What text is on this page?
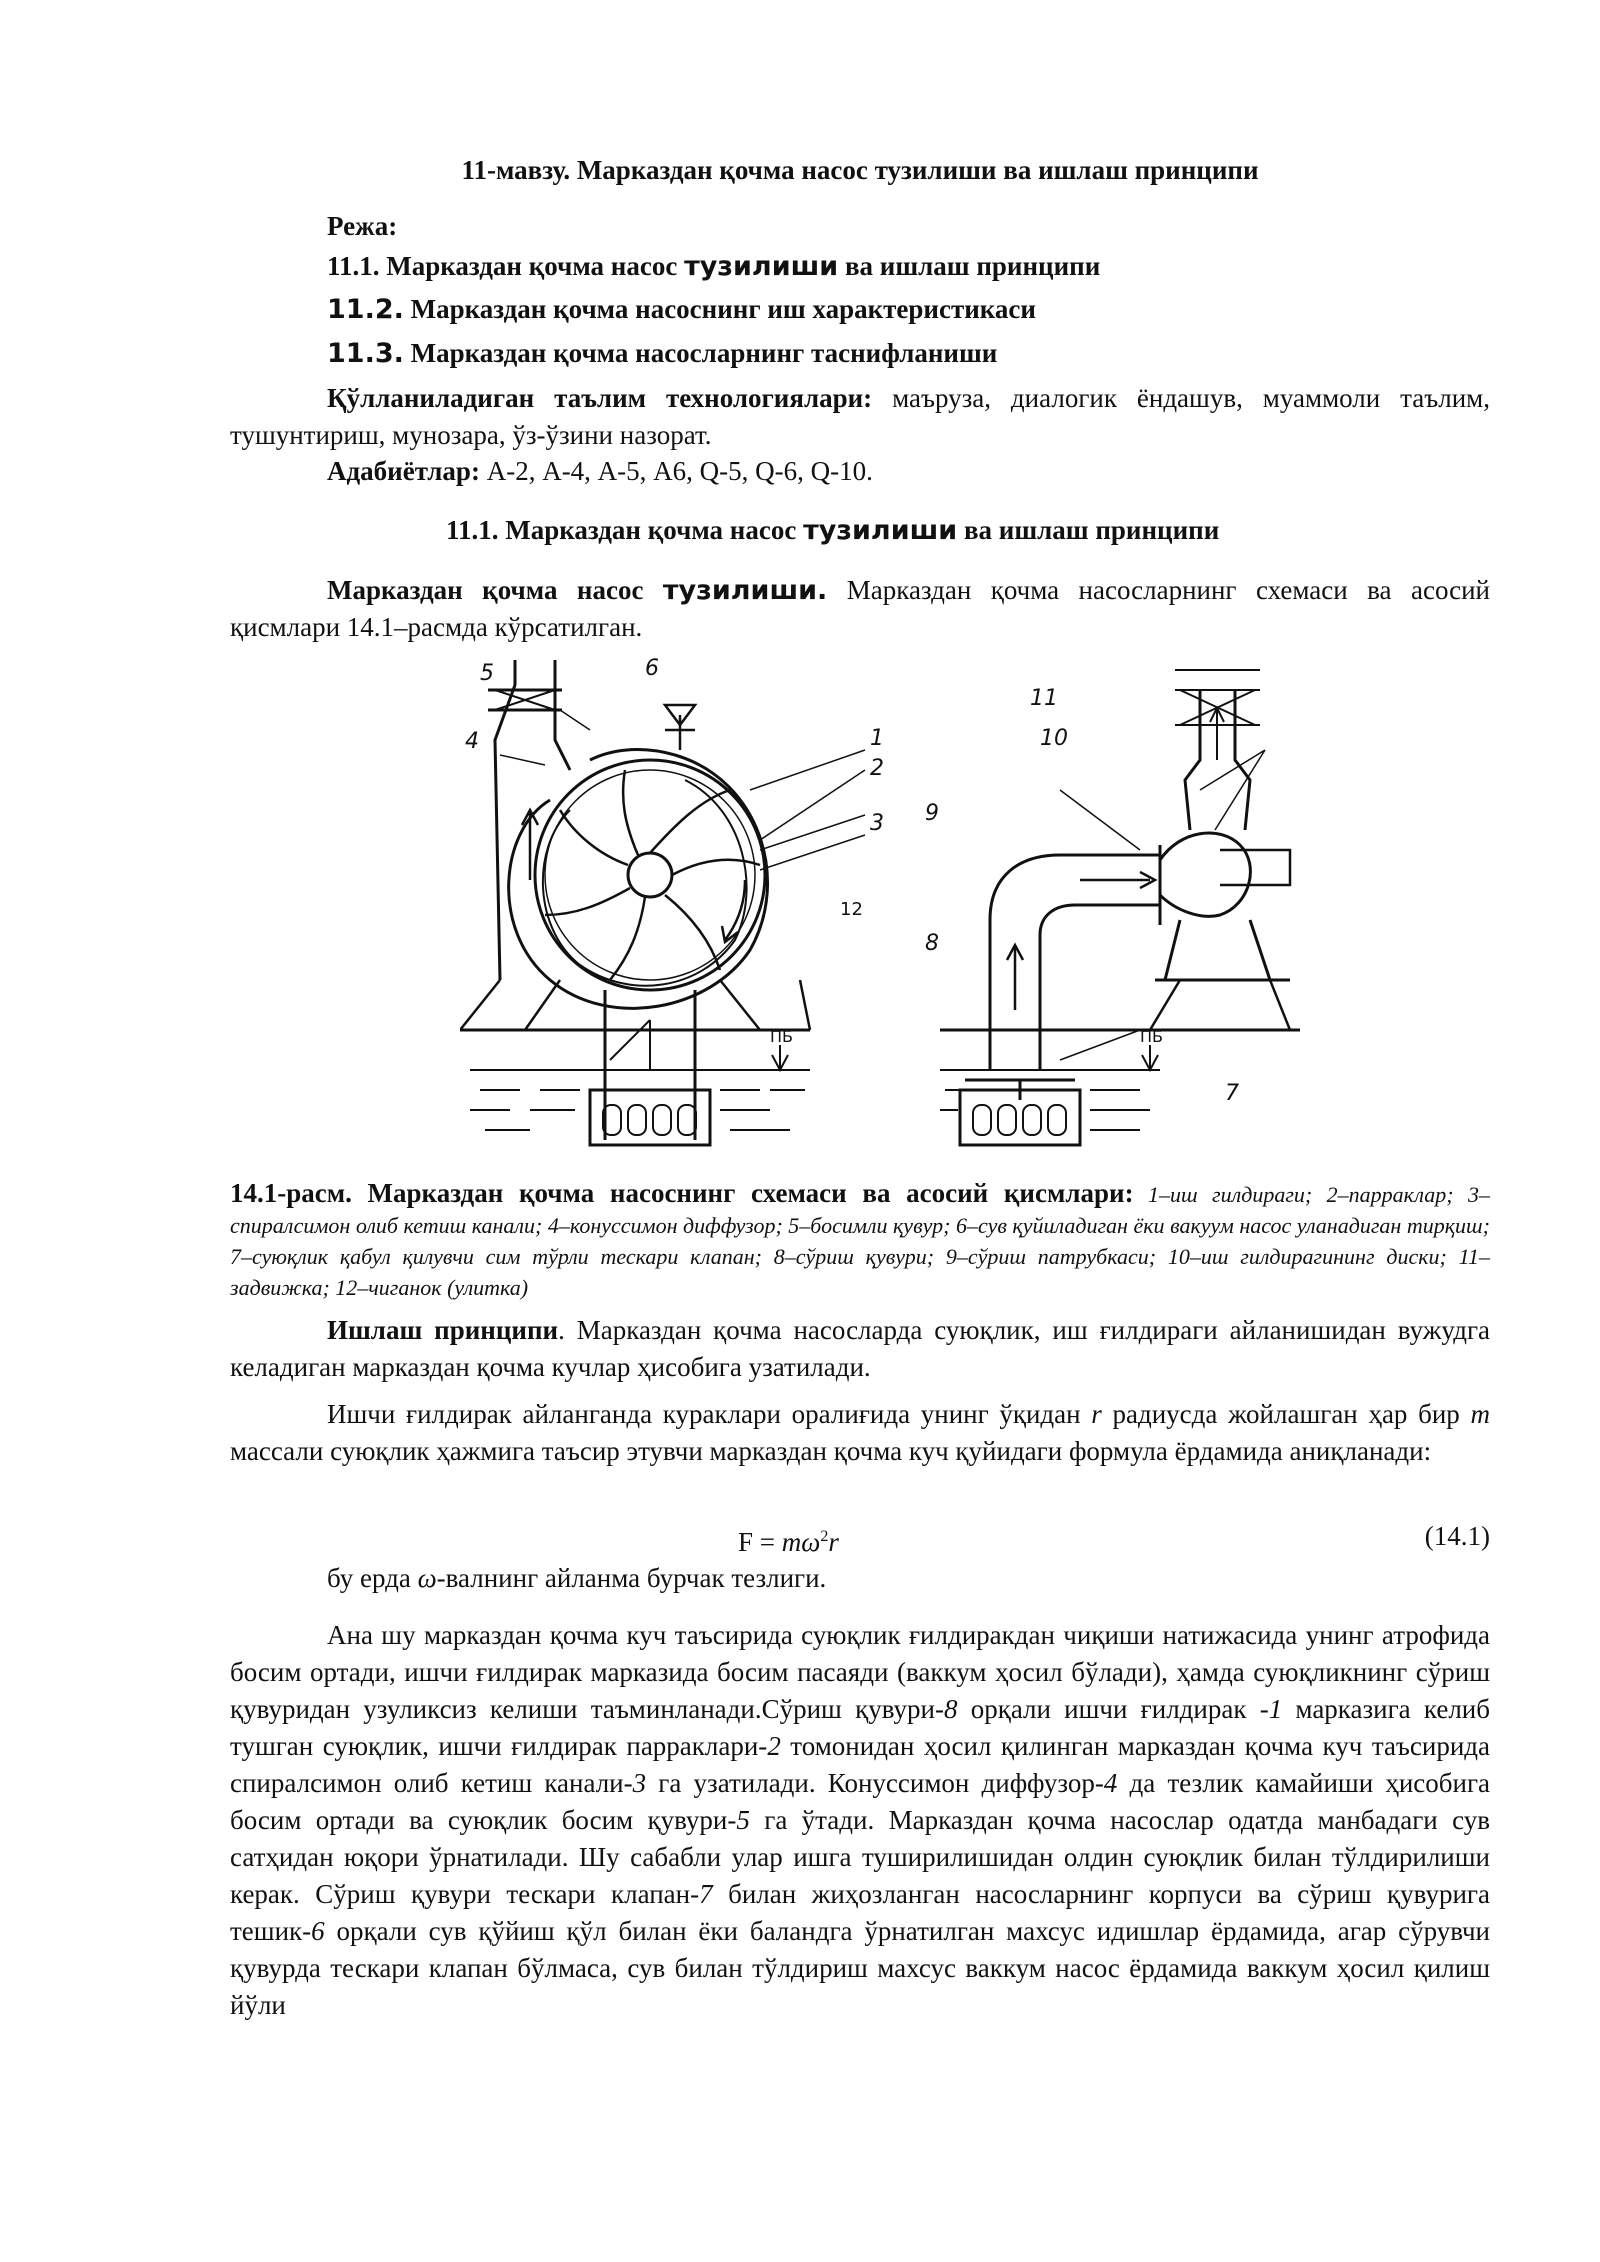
11-мавзу. Марказдан қочма насос тузилиши ва ишлаш принципи

Режа:

11.1. Марказдан қочма насос тузилиши ва ишлаш принципи

11.2. Марказдан қочма насоснинг иш характеристикаси

11.3. Марказдан қочма насосларнинг таснифланиши

Қўлланиладиган таълим технологиялари: маъруза, диалогик ёндашув, муаммоли таълим, тушунтириш, мунозара, ўз-ўзини назорат.

Адабиётлар: А-2, А-4, А-5, А6, Q-5, Q-6, Q-10.

11.1. Марказдан қочма насос тузилиши ва ишлаш принципи

Марказдан қочма насос тузилиши. Марказдан қочма насосларнинг схемаси ва асосий қисмлари 14.1–расмда кўрсатилган.

1
2
3
4
5	6
7
8
9
10
11
12
ПБ	ПБ

14.1-расм. Марказдан қочма насоснинг схемаси ва асосий қисмлари: 1–иш гилдираги; 2–парраклар; 3–спиралсимон олиб кетиш канали; 4–конуссимон диффузор; 5–босимли қувур; 6–сув қуйиладиган ёки вакуум насос уланадиган тирқиш; 7–суюқлик қабул қилувчи сим тўрли тескари клапан; 8–сўриш қувури; 9–сўриш патрубкаси; 10–иш гилдирагининг диски; 11–задвижка; 12–чиганок (улитка)

Ишлаш принципи. Марказдан қочма насосларда суюқлик, иш ғилдираги айланишидан вужудга келадиган марказдан қочма кучлар ҳисобига узатилади.

Ишчи ғилдирак айланганда кураклари оралиғида унинг ўқидан r радиусда жойлашган ҳар бир m массали суюқлик ҳажмига таъсир этувчи марказдан қочма куч қуйидаги формула ёрдамида аниқланади:

$F = m\omega^2r$	(14.1)

бу ерда ω-валнинг айланма бурчак тезлиги.

Ана шу марказдан қочма куч таъсирида суюқлик ғилдиракдан чиқиши натижасида унинг атрофида босим ортади, ишчи ғилдирак марказида босим пасаяди (ваккум ҳосил бўлади), ҳамда суюқликнинг сўриш қувуридан узуликсиз келиши таъминланади.Сўриш қувури-8 орқали ишчи ғилдирак -1 марказига келиб тушган суюқлик, ишчи ғилдирак парраклари-2 томонидан ҳосил қилинган марказдан қочма куч таъсирида спиралсимон олиб кетиш канали-3 га узатилади. Конуссимон диффузор-4 да тезлик камайиши ҳисобига босим ортади ва суюқлик босим қувури-5 га ўтади. Марказдан қочма насослар одатда манбадаги сув сатҳидан юқори ўрнатилади. Шу сабабли улар ишга туширилишидан олдин суюқлик билан тўлдирилиши керак. Сўриш қувури тескари клапан-7 билан жиҳозланган насосларнинг корпуси ва сўриш қувурига тешик-6 орқали сув қўйиш қўл билан ёки баландга ўрнатилган махсус идишлар ёрдамида, агар сўрувчи қувурда тескари клапан бўлмаса, сув билан тўлдириш махсус ваккум насос ёрдамида ваккум ҳосил қилиш йўли
